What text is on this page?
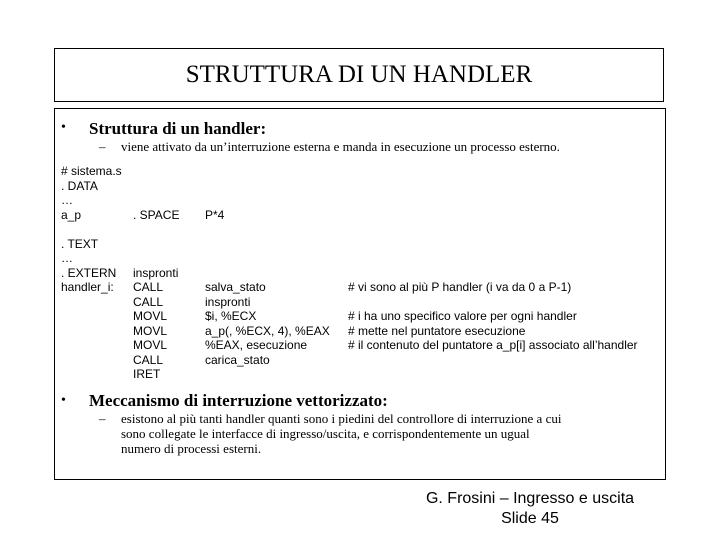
STRUTTURA DI UN HANDLER
• Struttura di un handler:
– viene attivato da un’interruzione esterna e manda in esecuzione un processo esterno.
# sistema.s
. DATA
…
a_p
. TEXT
…
. EXTERN
handler_i:

. SPACE

inspronti
CALL
CALL
MOVL
MOVL
MOVL
CALL
IRET

P*4

salva_stato
inspronti
$i, %ECX
a_p(, %ECX, 4), %EAX
%EAX, esecuzione
carica_stato

# vi sono al più P handler (i va da 0 a P-1)

# i ha uno specifico valore per ogni handler
# mette nel puntatore esecuzione
# il contenuto del puntatore a_p[i] associato all’handler
• Meccanismo di interruzione vettorizzato:
– esistono al più tanti handler quanti sono i piedini del controllore di interruzione a cui
sono collegate le interfacce di ingresso/uscita, e corrispondentemente un ugual
numero di processi esterni.
G. Frosini – Ingresso e uscita
Slide 45
